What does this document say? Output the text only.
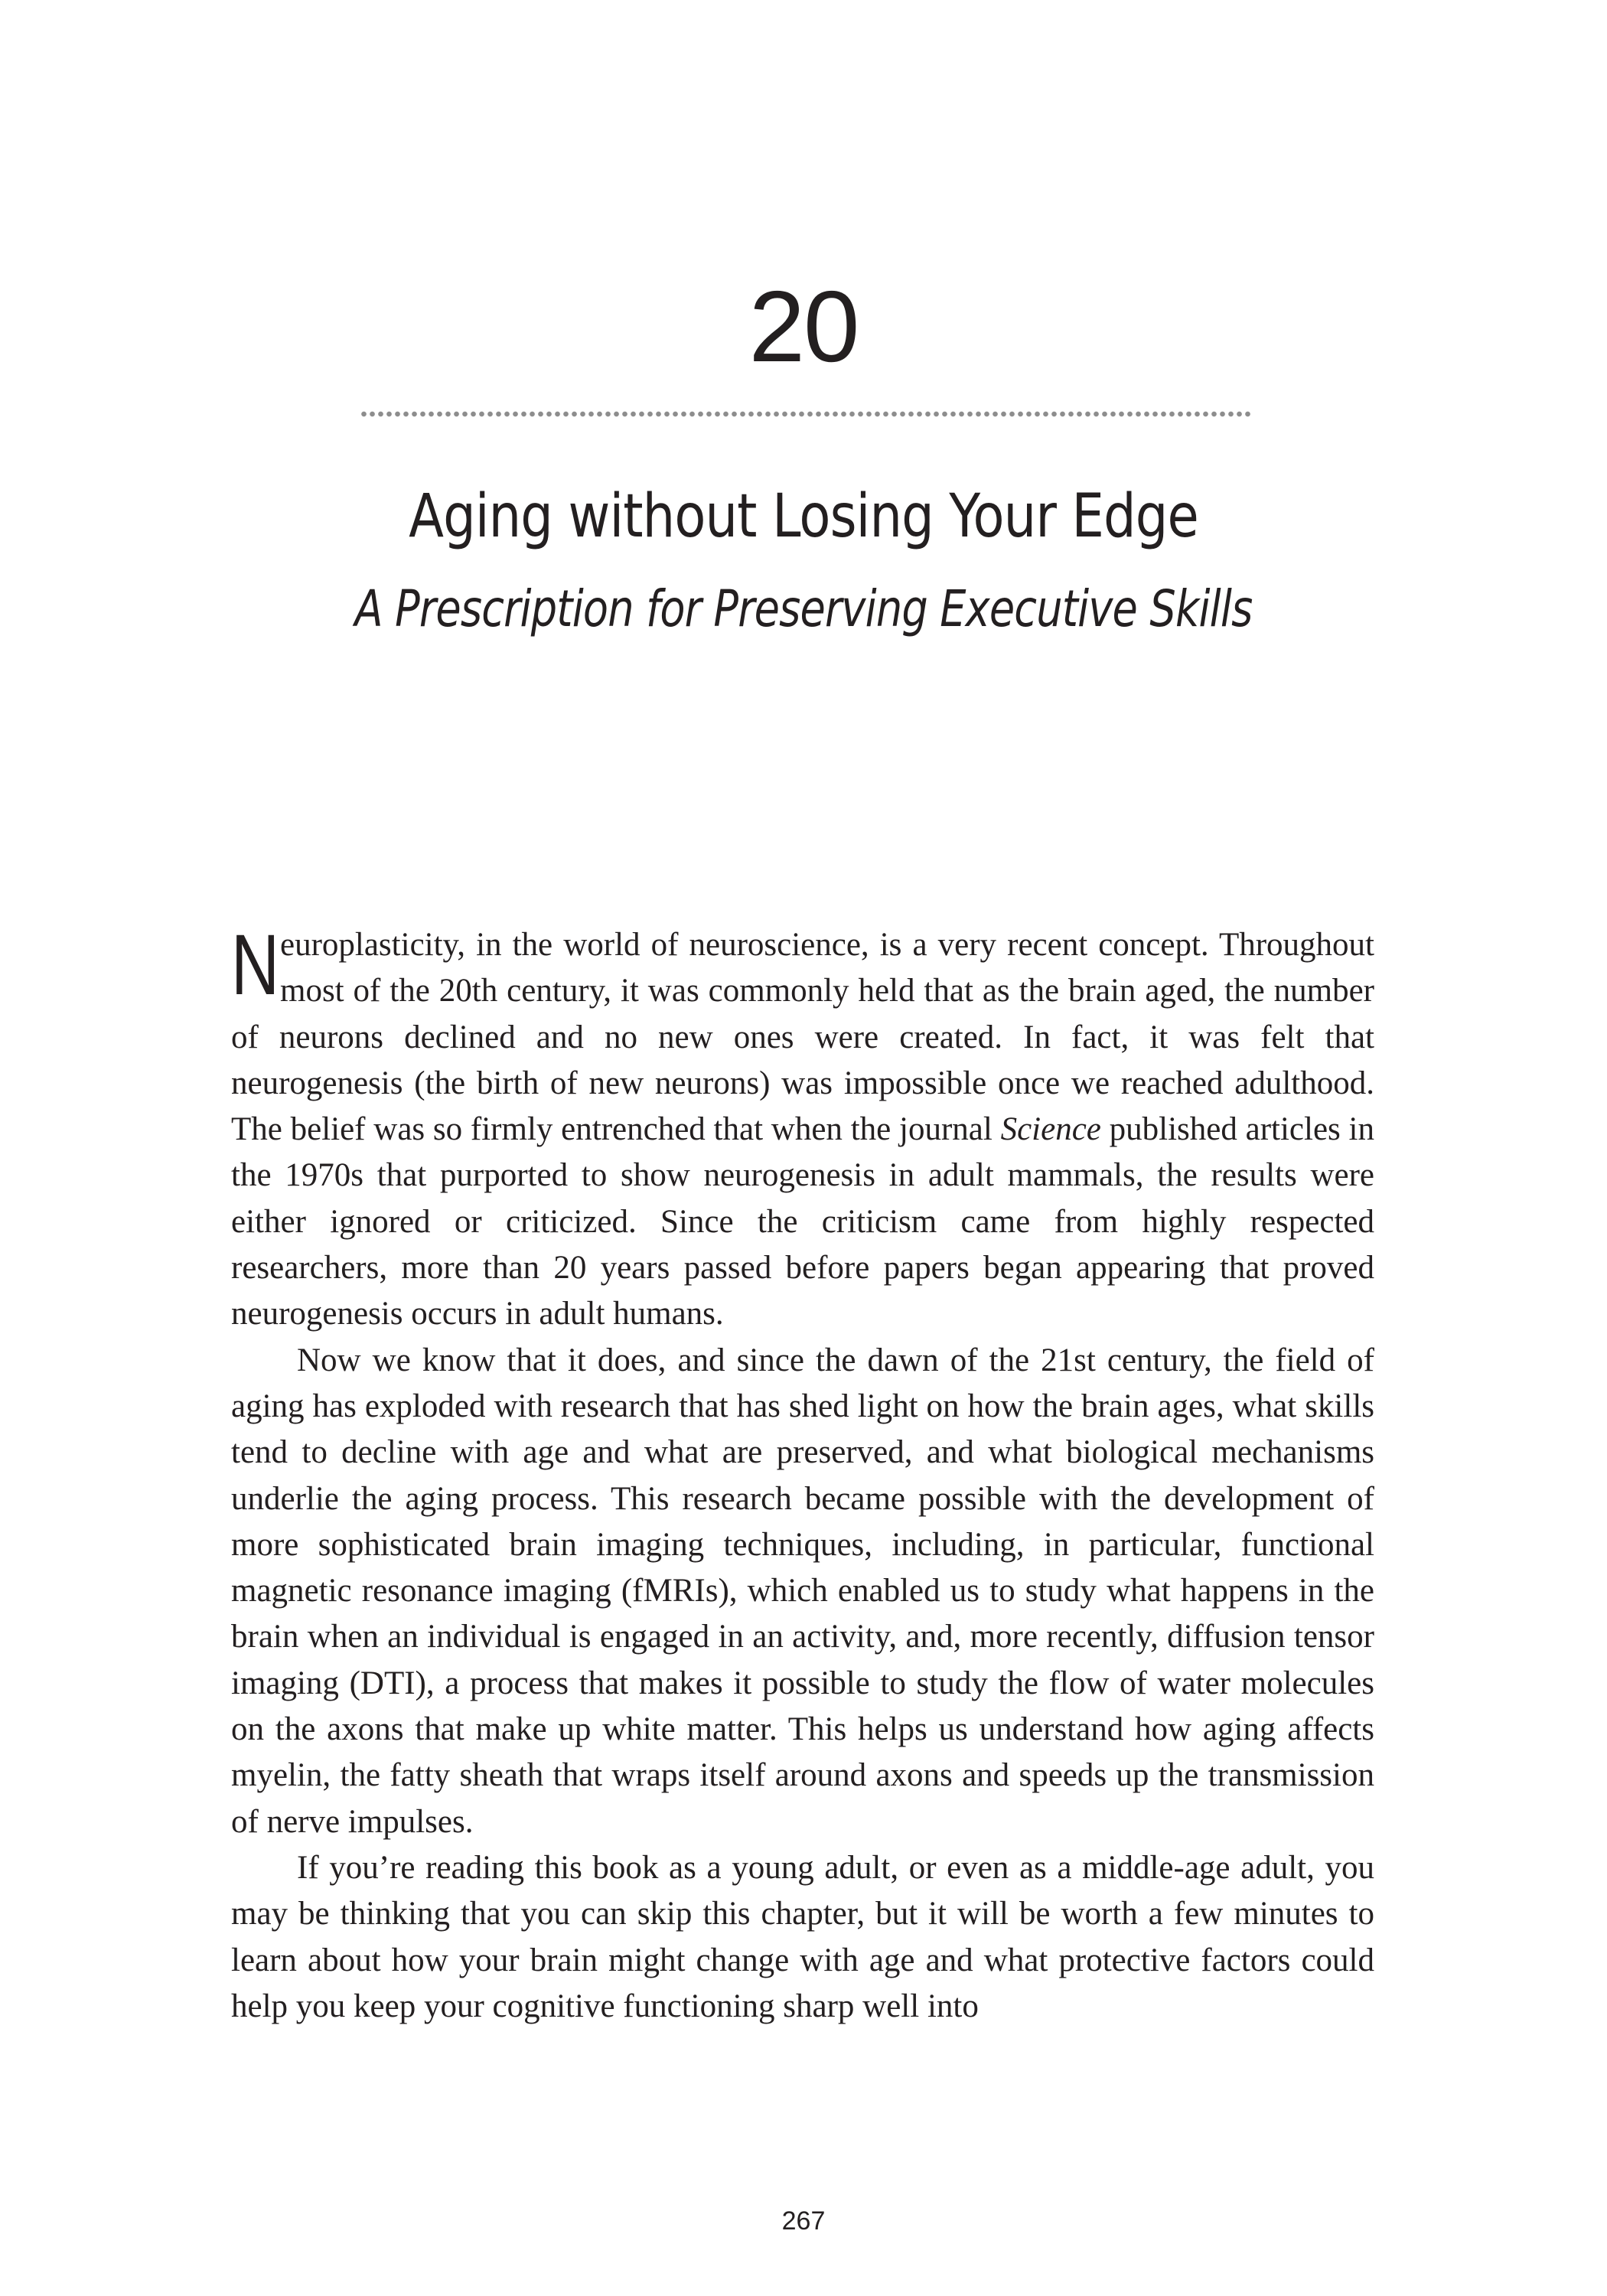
20
Aging without Losing Your Edge
A Prescription for Preserving Executive Skills

Neuroplasticity, in the world of neuroscience, is a very recent concept. Throughout most of the 20th century, it was commonly held that as the brain aged, the number of neurons declined and no new ones were created. In fact, it was felt that neurogenesis (the birth of new neurons) was impossible once we reached adulthood. The belief was so firmly entrenched that when the journal Science published articles in the 1970s that purported to show neurogenesis in adult mammals, the results were either ignored or criticized. Since the criticism came from highly respected researchers, more than 20 years passed before papers began appearing that proved neurogenesis occurs in adult humans.

Now we know that it does, and since the dawn of the 21st century, the field of aging has exploded with research that has shed light on how the brain ages, what skills tend to decline with age and what are preserved, and what biological mechanisms underlie the aging process. This research became possible with the development of more sophisticated brain imaging techniques, including, in particular, functional magnetic resonance imaging (fMRIs), which enabled us to study what happens in the brain when an individual is engaged in an activity, and, more recently, diffusion tensor imaging (DTI), a process that makes it possible to study the flow of water molecules on the axons that make up white matter. This helps us understand how aging affects myelin, the fatty sheath that wraps itself around axons and speeds up the transmission of nerve impulses.

If you’re reading this book as a young adult, or even as a middle-age adult, you may be thinking that you can skip this chapter, but it will be worth a few minutes to learn about how your brain might change with age and what protective factors could help you keep your cognitive functioning sharp well into

267
